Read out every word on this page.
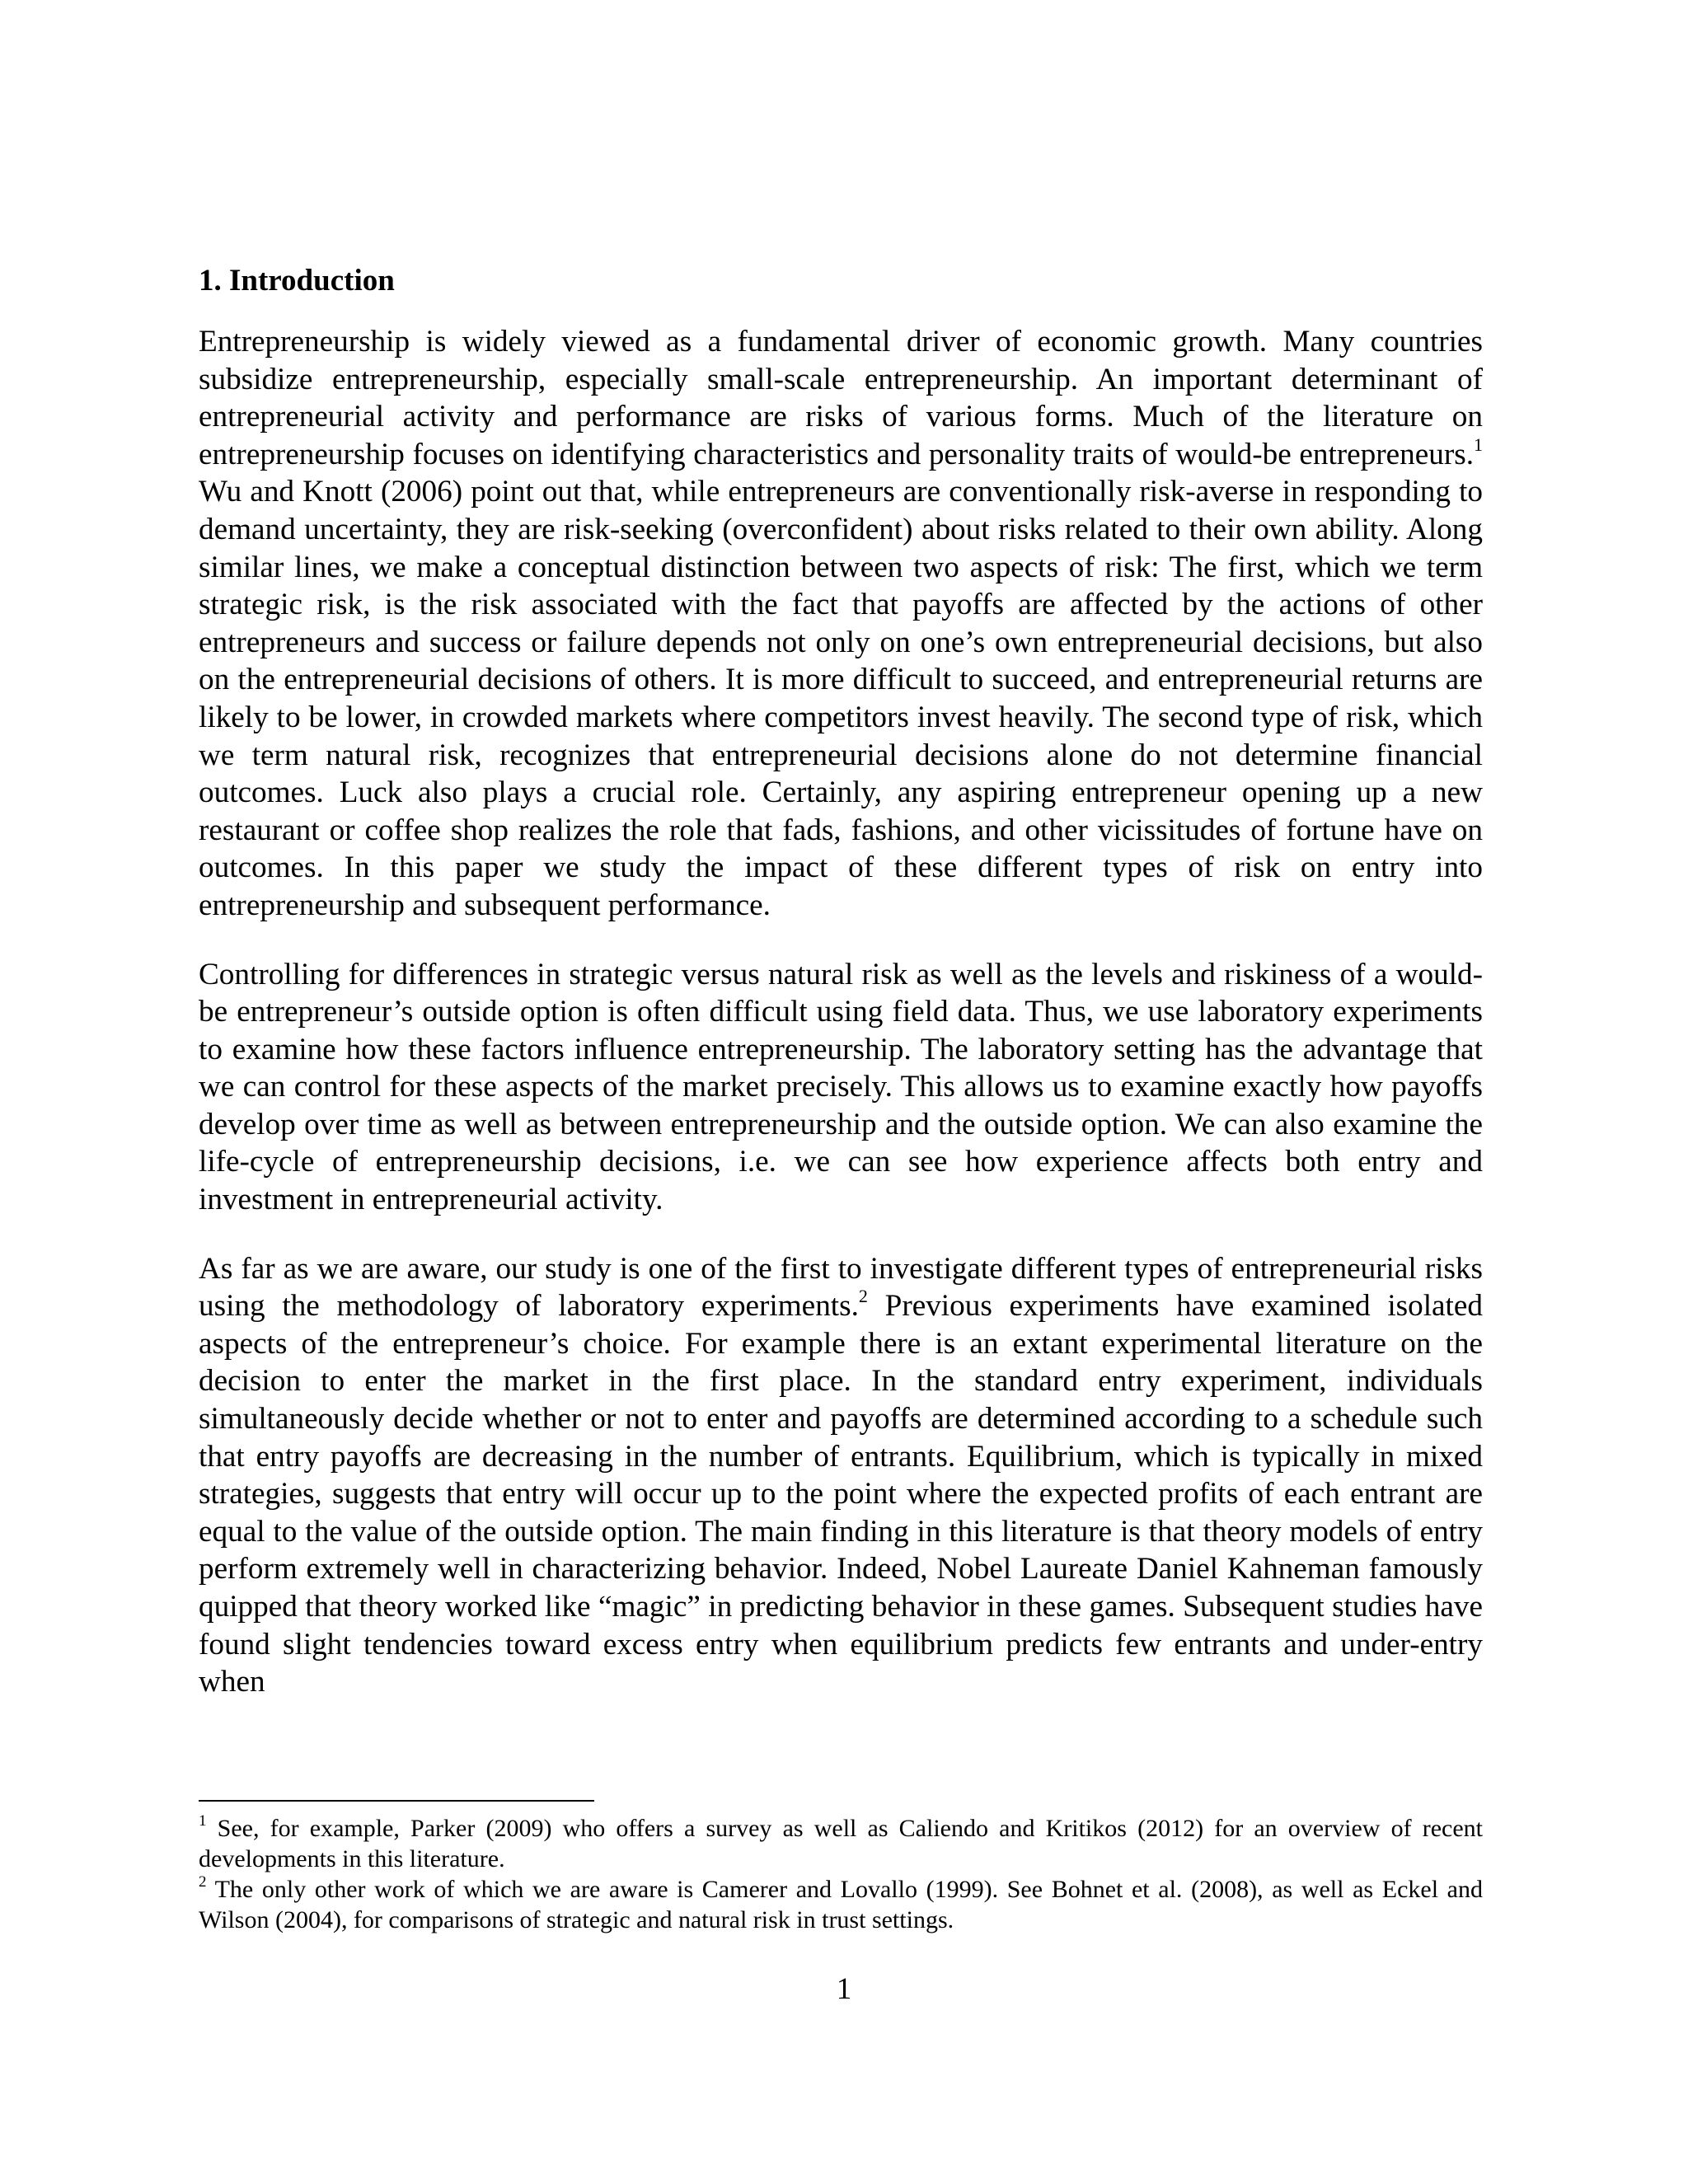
1. Introduction

Entrepreneurship is widely viewed as a fundamental driver of economic growth. Many countries subsidize entrepreneurship, especially small-scale entrepreneurship. An important determinant of entrepreneurial activity and performance are risks of various forms. Much of the literature on entrepreneurship focuses on identifying characteristics and personality traits of would-be entrepreneurs.$^1$ Wu and Knott (2006) point out that, while entrepreneurs are conventionally risk-averse in responding to demand uncertainty, they are risk-seeking (overconfident) about risks related to their own ability. Along similar lines, we make a conceptual distinction between two aspects of risk: The first, which we term strategic risk, is the risk associated with the fact that payoffs are affected by the actions of other entrepreneurs and success or failure depends not only on one’s own entrepreneurial decisions, but also on the entrepreneurial decisions of others. It is more difficult to succeed, and entrepreneurial returns are likely to be lower, in crowded markets where competitors invest heavily. The second type of risk, which we term natural risk, recognizes that entrepreneurial decisions alone do not determine financial outcomes. Luck also plays a crucial role. Certainly, any aspiring entrepreneur opening up a new restaurant or coffee shop realizes the role that fads, fashions, and other vicissitudes of fortune have on outcomes. In this paper we study the impact of these different types of risk on entry into entrepreneurship and subsequent performance.

Controlling for differences in strategic versus natural risk as well as the levels and riskiness of a would-be entrepreneur’s outside option is often difficult using field data. Thus, we use laboratory experiments to examine how these factors influence entrepreneurship. The laboratory setting has the advantage that we can control for these aspects of the market precisely. This allows us to examine exactly how payoffs develop over time as well as between entrepreneurship and the outside option. We can also examine the life-cycle of entrepreneurship decisions, i.e. we can see how experience affects both entry and investment in entrepreneurial activity.

As far as we are aware, our study is one of the first to investigate different types of entrepreneurial risks using the methodology of laboratory experiments.$^2$ Previous experiments have examined isolated aspects of the entrepreneur’s choice. For example there is an extant experimental literature on the decision to enter the market in the first place. In the standard entry experiment, individuals simultaneously decide whether or not to enter and payoffs are determined according to a schedule such that entry payoffs are decreasing in the number of entrants. Equilibrium, which is typically in mixed strategies, suggests that entry will occur up to the point where the expected profits of each entrant are equal to the value of the outside option. The main finding in this literature is that theory models of entry perform extremely well in characterizing behavior. Indeed, Nobel Laureate Daniel Kahneman famously quipped that theory worked like “magic” in predicting behavior in these games. Subsequent studies have found slight tendencies toward excess entry when equilibrium predicts few entrants and under-entry when

$^1$ See, for example, Parker (2009) who offers a survey as well as Caliendo and Kritikos (2012) for an overview of recent developments in this literature.

$^2$ The only other work of which we are aware is Camerer and Lovallo (1999). See Bohnet et al. (2008), as well as Eckel and Wilson (2004), for comparisons of strategic and natural risk in trust settings.

1
